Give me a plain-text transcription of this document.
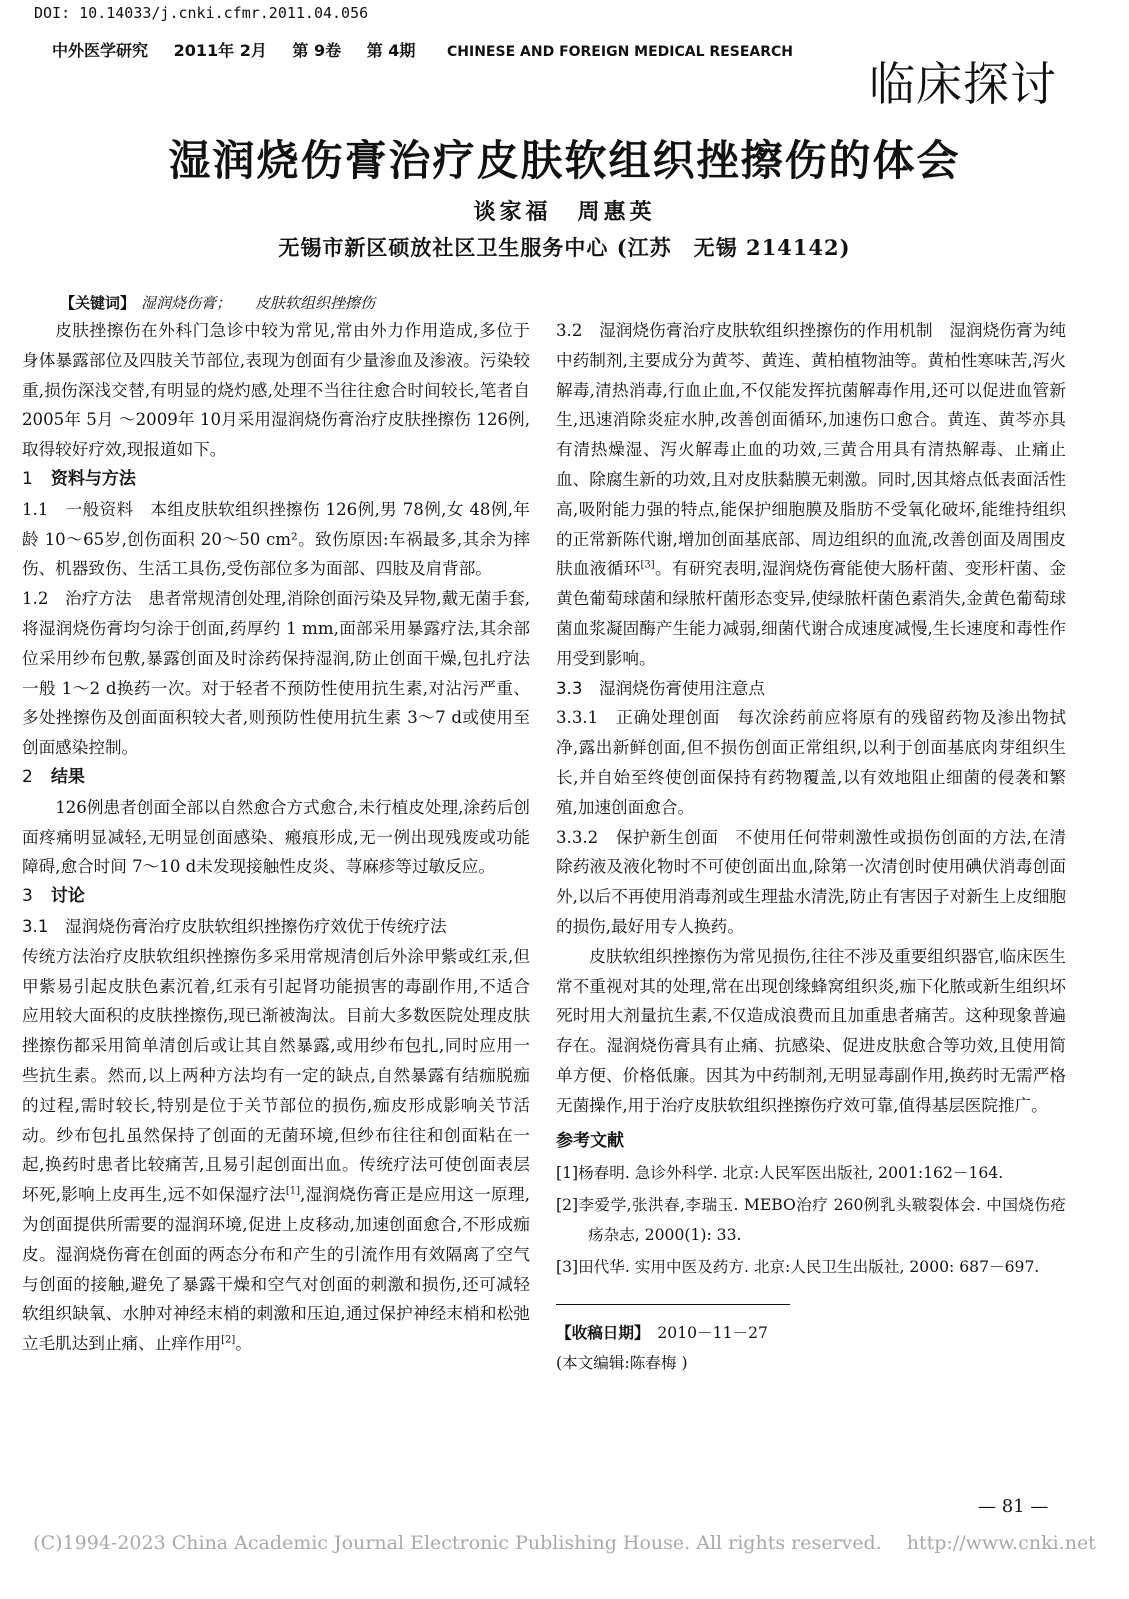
DOI: 10.14033/j.cnki.cfmr.2011.04.056
中外医学研究 2011年 2月 第 9卷 第 4期 CHINESE AND FOREIGN MEDICAL RESEARCH
临床探讨
湿润烧伤膏治疗皮肤软组织挫擦伤的体会
谈家福　周惠英
无锡市新区硕放社区卫生服务中心 (江苏　无锡 214142)
【关键词】 湿润烧伤膏； 皮肤软组织挫擦伤

皮肤挫擦伤在外科门急诊中较为常见,常由外力作用造成,多位于身体暴露部位及四肢关节部位,表现为创面有少量渗血及渗液。污染较重,损伤深浅交替,有明显的烧灼感,处理不当往往愈合时间较长,笔者自 2005年 5月 ～2009年 10月采用湿润烧伤膏治疗皮肤挫擦伤 126例,取得较好疗效,现报道如下。

1 资料与方法

1.1　一般资料　本组皮肤软组织挫擦伤 126例,男 78例,女 48例,年龄 10～65岁,创伤面积 20～50 cm²。致伤原因:车祸最多,其余为摔伤、机器致伤、生活工具伤,受伤部位多为面部、四肢及肩背部。

1.2　治疗方法　患者常规清创处理,消除创面污染及异物,戴无菌手套,将湿润烧伤膏均匀涂于创面,药厚约 1 mm,面部采用暴露疗法,其余部位采用纱布包敷,暴露创面及时涂药保持湿润,防止创面干燥,包扎疗法一般 1～2 d换药一次。对于轻者不预防性使用抗生素,对沾污严重、多处挫擦伤及创面面积较大者,则预防性使用抗生素 3～7 d或使用至创面感染控制。

2 结果

126例患者创面全部以自然愈合方式愈合,未行植皮处理,涂药后创面疼痛明显减轻,无明显创面感染、瘢痕形成,无一例出现残废或功能障碍,愈合时间 7～10 d未发现接触性皮炎、荨麻疹等过敏反应。

3 讨论

3.1　湿润烧伤膏治疗皮肤软组织挫擦伤疗效优于传统疗法

传统方法治疗皮肤软组织挫擦伤多采用常规清创后外涂甲紫或红汞,但甲紫易引起皮肤色素沉着,红汞有引起肾功能损害的毒副作用,不适合应用较大面积的皮肤挫擦伤,现已渐被淘汰。目前大多数医院处理皮肤挫擦伤都采用简单清创后或让其自然暴露,或用纱布包扎,同时应用一些抗生素。然而,以上两种方法均有一定的缺点,自然暴露有结痂脱痂的过程,需时较长,特别是位于关节部位的损伤,痂皮形成影响关节活动。纱布包扎虽然保持了创面的无菌环境,但纱布往往和创面粘在一起,换药时患者比较痛苦,且易引起创面出血。传统疗法可使创面表层坏死,影响上皮再生,远不如保湿疗法[1],湿润烧伤膏正是应用这一原理,为创面提供所需要的湿润环境,促进上皮移动,加速创面愈合,不形成痂皮。湿润烧伤膏在创面的两态分布和产生的引流作用有效隔离了空气与创面的接触,避免了暴露干燥和空气对创面的刺激和损伤,还可减轻软组织缺氧、水肿对神经末梢的刺激和压迫,通过保护神经末梢和松弛立毛肌达到止痛、止痒作用[2]。

3.2　湿润烧伤膏治疗皮肤软组织挫擦伤的作用机制　湿润烧伤膏为纯中药制剂,主要成分为黄芩、黄连、黄柏植物油等。黄柏性寒味苦,泻火解毒,清热消毒,行血止血,不仅能发挥抗菌解毒作用,还可以促进血管新生,迅速消除炎症水肿,改善创面循环,加速伤口愈合。黄连、黄芩亦具有清热燥湿、泻火解毒止血的功效,三黄合用具有清热解毒、止痛止血、除腐生新的功效,且对皮肤黏膜无刺激。同时,因其熔点低表面活性高,吸附能力强的特点,能保护细胞膜及脂肪不受氧化破坏,能维持组织的正常新陈代谢,增加创面基底部、周边组织的血流,改善创面及周围皮肤血液循环[3]。有研究表明,湿润烧伤膏能使大肠杆菌、变形杆菌、金黄色葡萄球菌和绿脓杆菌形态变异,使绿脓杆菌色素消失,金黄色葡萄球菌血浆凝固酶产生能力减弱,细菌代谢合成速度减慢,生长速度和毒性作用受到影响。

3.3　湿润烧伤膏使用注意点

3.3.1　正确处理创面　每次涂药前应将原有的残留药物及渗出物拭净,露出新鲜创面,但不损伤创面正常组织,以利于创面基底肉芽组织生长,并自始至终使创面保持有药物覆盖,以有效地阻止细菌的侵袭和繁殖,加速创面愈合。

3.3.2　保护新生创面　不使用任何带刺激性或损伤创面的方法,在清除药液及液化物时不可使创面出血,除第一次清创时使用碘伏消毒创面外,以后不再使用消毒剂或生理盐水清洗,防止有害因子对新生上皮细胞的损伤,最好用专人换药。

皮肤软组织挫擦伤为常见损伤,往往不涉及重要组织器官,临床医生常不重视对其的处理,常在出现创缘蜂窝组织炎,痂下化脓或新生组织坏死时用大剂量抗生素,不仅造成浪费而且加重患者痛苦。这种现象普遍存在。湿润烧伤膏具有止痛、抗感染、促进皮肤愈合等功效,且使用简单方便、价格低廉。因其为中药制剂,无明显毒副作用,换药时无需严格无菌操作,用于治疗皮肤软组织挫擦伤疗效可靠,值得基层医院推广。

参考文献

[1]杨春明. 急诊外科学. 北京:人民军医出版社, 2001:162－164.

[2]李爱学,张洪春,李瑞玉. MEBO治疗 260例乳头皲裂体会. 中国烧伤疮疡杂志, 2000(1): 33.

[3]田代华. 实用中医及药方. 北京:人民卫生出版社, 2000: 687－697.

【收稿日期】　 2010－11－27

(本文编辑:陈春梅 )

— 81 —
(C)1994-2023 China Academic Journal Electronic Publishing House. All rights reserved.　 http://www.cnki.net
